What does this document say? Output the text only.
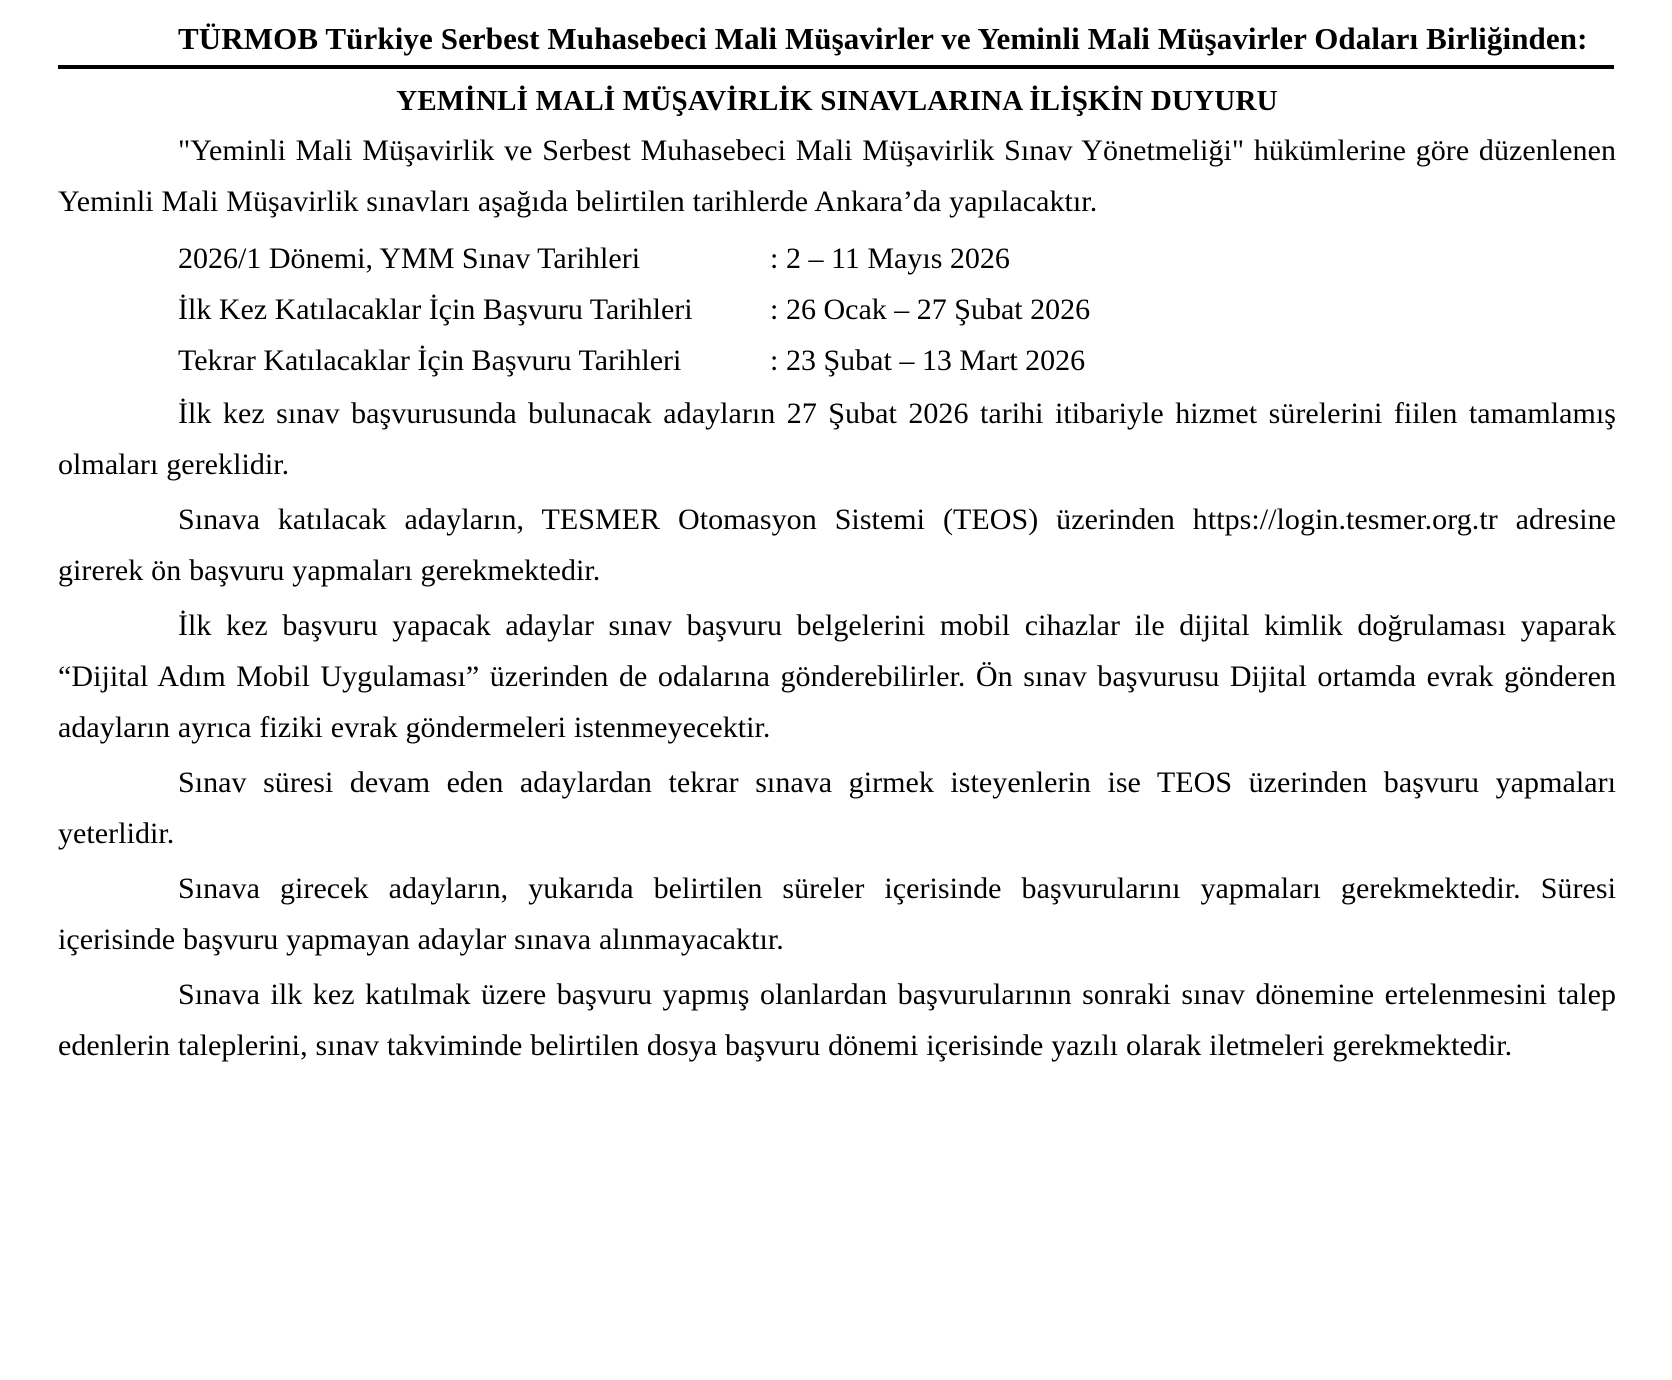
TÜRMOB Türkiye Serbest Muhasebeci Mali Müşavirler ve Yeminli Mali Müşavirler Odaları Birliğinden:
YEMİNLİ MALİ MÜŞAVİRLİK SINAVLARINA İLİŞKİN DUYURU

"Yeminli Mali Müşavirlik ve Serbest Muhasebeci Mali Müşavirlik Sınav Yönetmeliği" hükümlerine göre düzenlenen Yeminli Mali Müşavirlik sınavları aşağıda belirtilen tarihlerde Ankara’da yapılacaktır.

2026/1 Dönemi, YMM Sınav Tarihleri	: 2 – 11 Mayıs 2026
İlk Kez Katılacaklar İçin Başvuru Tarihleri	: 26 Ocak – 27 Şubat 2026
Tekrar Katılacaklar İçin Başvuru Tarihleri	: 23 Şubat – 13 Mart 2026

İlk kez sınav başvurusunda bulunacak adayların 27 Şubat 2026 tarihi itibariyle hizmet sürelerini fiilen tamamlamış olmaları gereklidir.

Sınava katılacak adayların, TESMER Otomasyon Sistemi (TEOS) üzerinden https://login.tesmer.org.tr adresine girerek ön başvuru yapmaları gerekmektedir.

İlk kez başvuru yapacak adaylar sınav başvuru belgelerini mobil cihazlar ile dijital kimlik doğrulaması yaparak “Dijital Adım Mobil Uygulaması” üzerinden de odalarına gönderebilirler. Ön sınav başvurusu Dijital ortamda evrak gönderen adayların ayrıca fiziki evrak göndermeleri istenmeyecektir.

Sınav süresi devam eden adaylardan tekrar sınava girmek isteyenlerin ise TEOS üzerinden başvuru yapmaları yeterlidir.

Sınava girecek adayların, yukarıda belirtilen süreler içerisinde başvurularını yapmaları gerekmektedir. Süresi içerisinde başvuru yapmayan adaylar sınava alınmayacaktır.

Sınava ilk kez katılmak üzere başvuru yapmış olanlardan başvurularının sonraki sınav dönemine ertelenmesini talep edenlerin taleplerini, sınav takviminde belirtilen dosya başvuru dönemi içerisinde yazılı olarak iletmeleri gerekmektedir.
